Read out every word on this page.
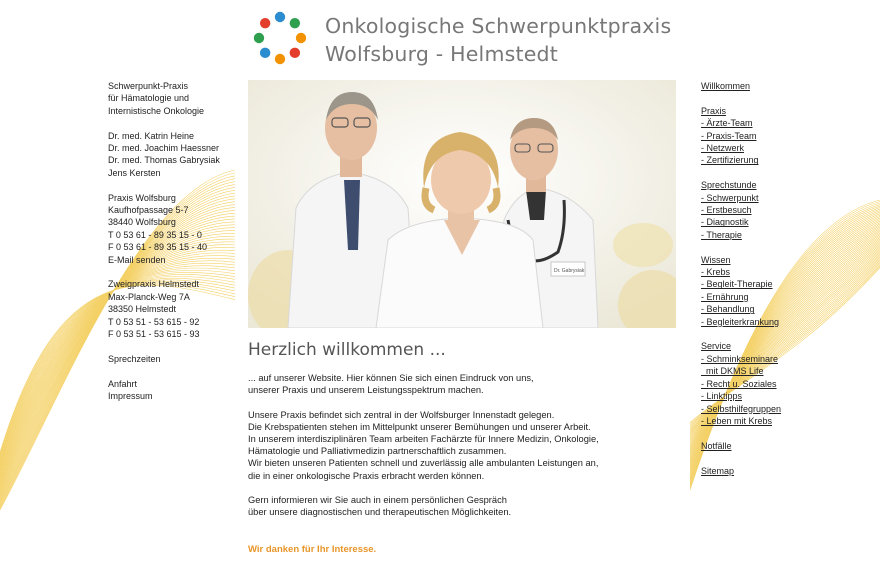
Onkologische Schwerpunktpraxis
Wolfsburg - Helmstedt
Schwerpunkt-Praxis
für Hämatologie und
Internistische Onkologie
Dr. med. Katrin Heine
Dr. med. Joachim Haessner
Dr. med. Thomas Gabrysiak
Jens Kersten
Praxis Wolfsburg
Kaufhofpassage 5-7
38440 Wolfsburg
T 0 53 61 - 89 35 15 - 0
F 0 53 61 - 89 35 15 - 40
E-Mail senden
Zweigpraxis Helmstedt
Max-Planck-Weg 7A
38350 Helmstedt
T 0 53 51 - 53 615 - 92
F 0 53 51 - 53 615 - 93
Sprechzeiten
Anfahrt
Impressum
Dr. Gabrysiak
Herzlich willkommen ...

... auf unserer Website. Hier können Sie sich einen Eindruck von uns,
unserer Praxis und unserem Leistungsspektrum machen.

Unsere Praxis befindet sich zentral in der Wolfsburger Innenstadt gelegen.
Die Krebspatienten stehen im Mittelpunkt unserer Bemühungen und unserer Arbeit.
In unserem interdisziplinären Team arbeiten Fachärzte für Innere Medizin, Onkologie,
Hämatologie und Palliativmedizin partnerschaftlich zusammen.
Wir bieten unseren Patienten schnell und zuverlässig alle ambulanten Leistungen an,
die in einer onkologische Praxis erbracht werden können.

Gern informieren wir Sie auch in einem persönlichen Gespräch
über unsere diagnostischen und therapeutischen Möglichkeiten.

Wir danken für Ihr Interesse.
Willkommen
Praxis
- Ärzte-Team
- Praxis-Team
- Netzwerk
- Zertifizierung
Sprechstunde
- Schwerpunkt
- Erstbesuch
- Diagnostik
- Therapie
Wissen
- Krebs
- Begleit-Therapie
- Ernährung
- Behandlung
- Begleiterkrankung
Service
- Schminkseminare
mit DKMS Life
- Recht u. Soziales
- Linktipps
- Selbsthilfegruppen
- Leben mit Krebs
Notfälle
Sitemap
